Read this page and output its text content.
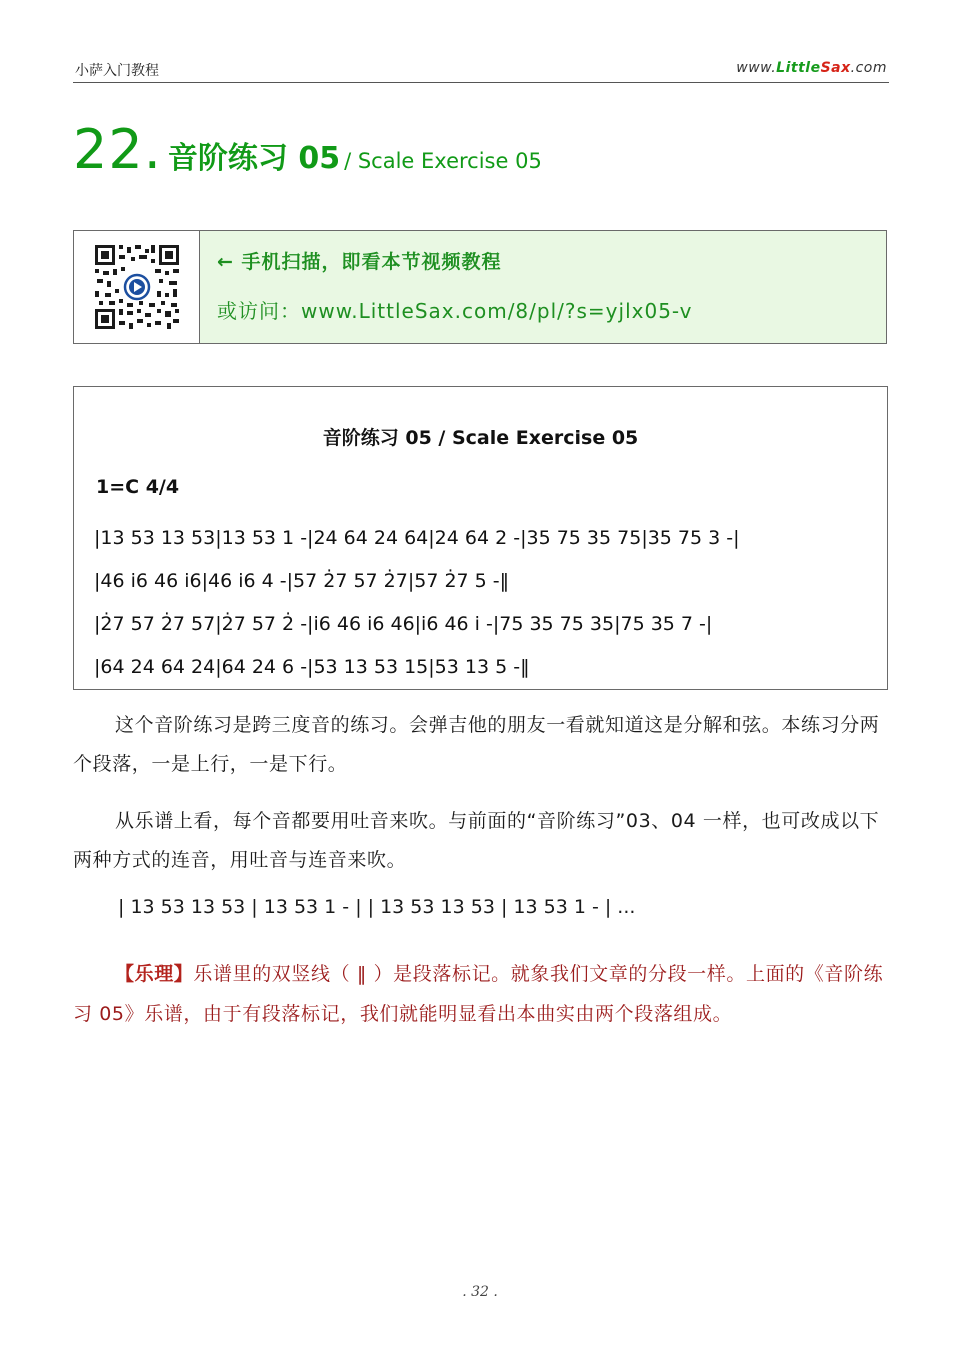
小萨入门教程	www.LittleSax.com
22. 音阶练习 05 / Scale Exercise 05
← 手机扫描，即看本节视频教程
或访问：www.LittleSax.com/8/pl/?s=yjlx05-v
音阶练习 05 / Scale Exercise 05
1=C 4/4
|13 53 13 53|13 53 1 -|24 64 24 64|24 64 2 -|35 75 35 75|35 75 3 -|
|46 i6 46 i6|46 i6 4 -|57 2̇7 57 2̇7|57 2̇7 5 -‖
|2̇7 57 2̇7 57|2̇7 57 2̇ -|i6 46 i6 46|i6 46 i -|75 35 75 35|75 35 7 -|
|64 24 64 24|64 24 6 -|53 13 53 15|53 13 5 -‖
这个音阶练习是跨三度音的练习。会弹吉他的朋友一看就知道这是分解和弦。本练习分两个段落，一是上行，一是下行。
从乐谱上看，每个音都要用吐音来吹。与前面的“音阶练习”03、04 一样，也可改成以下两种方式的连音，用吐音与连音来吹。
| 13 53 13 53 | 13 53 1 - | | 13 53 13 53 | 13 53 1 - | ...
【乐理】乐谱里的双竖线（ ‖ ）是段落标记。就象我们文章的分段一样。上面的《音阶练习 05》乐谱，由于有段落标记，我们就能明显看出本曲实由两个段落组成。
. 32 .
